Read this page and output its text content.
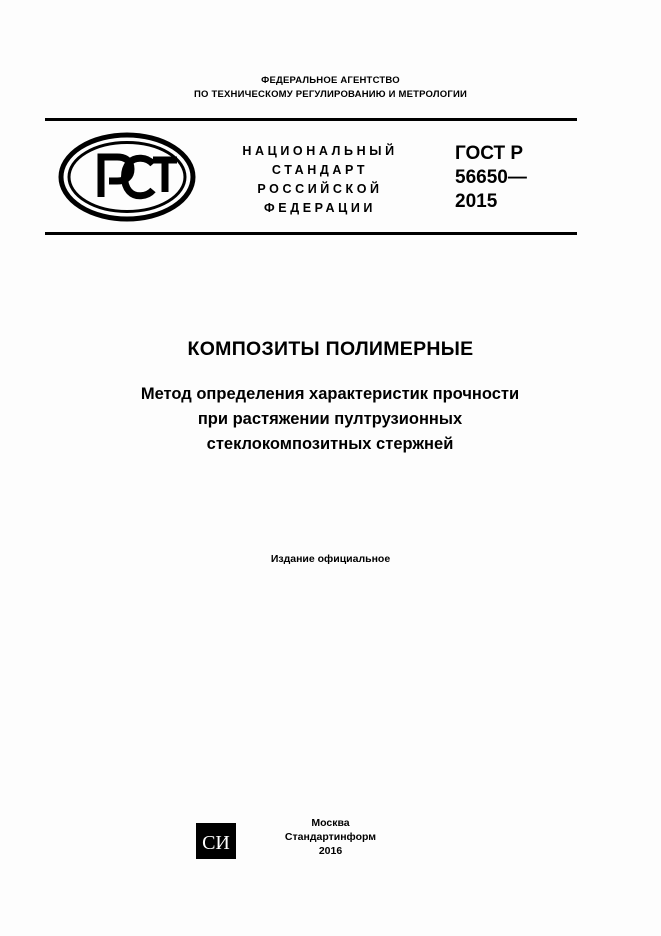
ФЕДЕРАЛЬНОЕ АГЕНТСТВО
ПО ТЕХНИЧЕСКОМУ РЕГУЛИРОВАНИЮ И МЕТРОЛОГИИ
НАЦИОНАЛЬНЫЙ
СТАНДАРТ
РОССИЙСКОЙ
ФЕДЕРАЦИИ
ГОСТ Р
56650—
2015
КОМПОЗИТЫ ПОЛИМЕРНЫЕ
Метод определения характеристик прочности
при растяжении пултрузионных
стеклокомпозитных стержней
Издание официальное
СИ
Москва
Стандартинформ
2016
